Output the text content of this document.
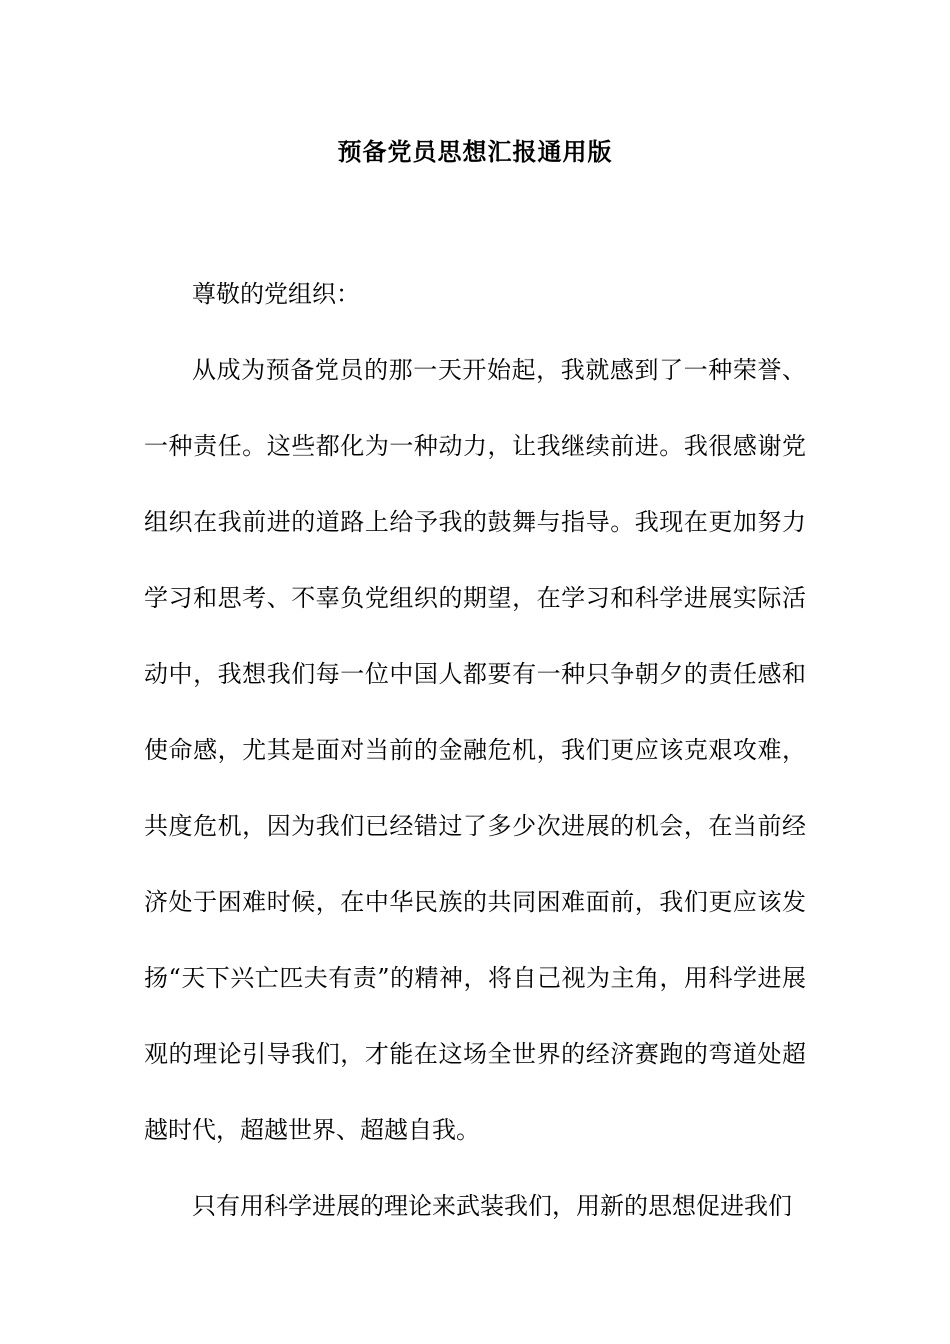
预备党员思想汇报通用版

尊敬的党组织：

从成为预备党员的那一天开始起，我就感到了一种荣誉、一种责任。这些都化为一种动力，让我继续前进。我很感谢党组织在我前进的道路上给予我的鼓舞与指导。我现在更加努力学习和思考、不辜负党组织的期望，在学习和科学进展实际活动中，我想我们每一位中国人都要有一种只争朝夕的责任感和使命感，尤其是面对当前的金融危机，我们更应该克艰攻难，共度危机，因为我们已经错过了多少次进展的机会，在当前经济处于困难时候，在中华民族的共同困难面前，我们更应该发扬“天下兴亡匹夫有责”的精神，将自己视为主角，用科学进展观的理论引导我们，才能在这场全世界的经济赛跑的弯道处超越时代，超越世界、超越自我。

只有用科学进展的理论来武装我们，用新的思想促进我们
